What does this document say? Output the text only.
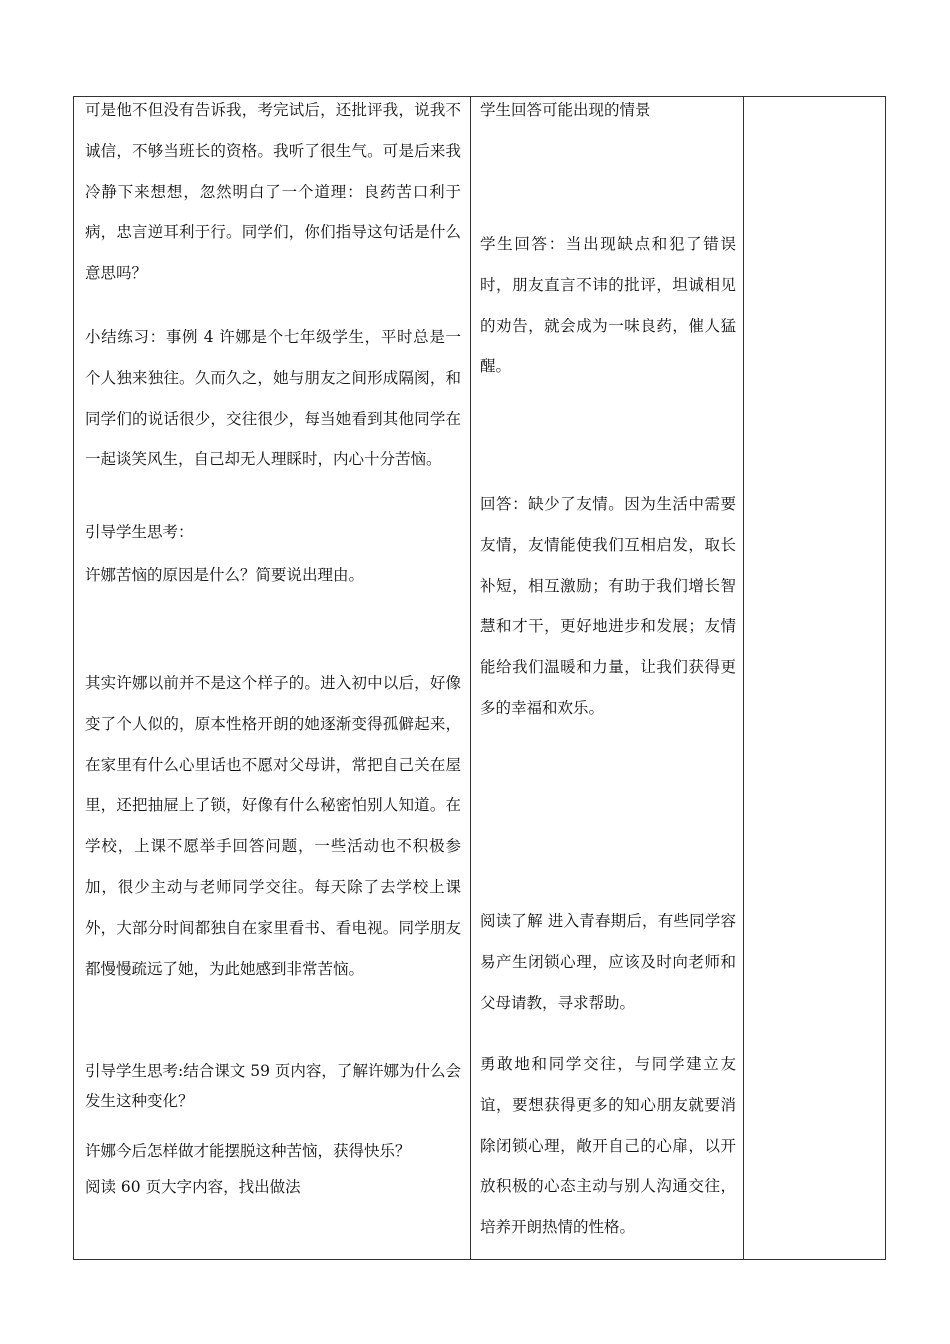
可是他不但没有告诉我，考完试后，还批评我，说我不诚信，不够当班长的资格。我听了很生气。可是后来我冷静下来想想，忽然明白了一个道理：良药苦口利于病，忠言逆耳利于行。同学们，你们指导这句话是什么意思吗？

小结练习：事例 4 许娜是个七年级学生，平时总是一个人独来独往。久而久之，她与朋友之间形成隔阂，和同学们的说话很少，交往很少，每当她看到其他同学在一起谈笑风生，自己却无人理睬时，内心十分苦恼。

引导学生思考：

许娜苦恼的原因是什么？简要说出理由。

其实许娜以前并不是这个样子的。进入初中以后，好像变了个人似的，原本性格开朗的她逐渐变得孤僻起来，在家里有什么心里话也不愿对父母讲，常把自己关在屋里，还把抽屉上了锁，好像有什么秘密怕别人知道。在学校，上课不愿举手回答问题，一些活动也不积极参加，很少主动与老师同学交往。每天除了去学校上课外，大部分时间都独自在家里看书、看电视。同学朋友都慢慢疏远了她，为此她感到非常苦恼。

引导学生思考:结合课文 59 页内容，了解许娜为什么会发生这种变化？

许娜今后怎样做才能摆脱这种苦恼，获得快乐？

阅读 60 页大字内容，找出做法

学生回答可能出现的情景

学生回答：当出现缺点和犯了错误时，朋友直言不讳的批评，坦诚相见的劝告，就会成为一味良药，催人猛醒。

回答：缺少了友情。因为生活中需要友情，友情能使我们互相启发，取长补短，相互激励；有助于我们增长智慧和才干，更好地进步和发展；友情能给我们温暖和力量，让我们获得更多的幸福和欢乐。

阅读了解 进入青春期后，有些同学容易产生闭锁心理，应该及时向老师和父母请教，寻求帮助。

勇敢地和同学交往，与同学建立友谊，要想获得更多的知心朋友就要消除闭锁心理，敞开自己的心扉，以开放积极的心态主动与别人沟通交往，培养开朗热情的性格。
